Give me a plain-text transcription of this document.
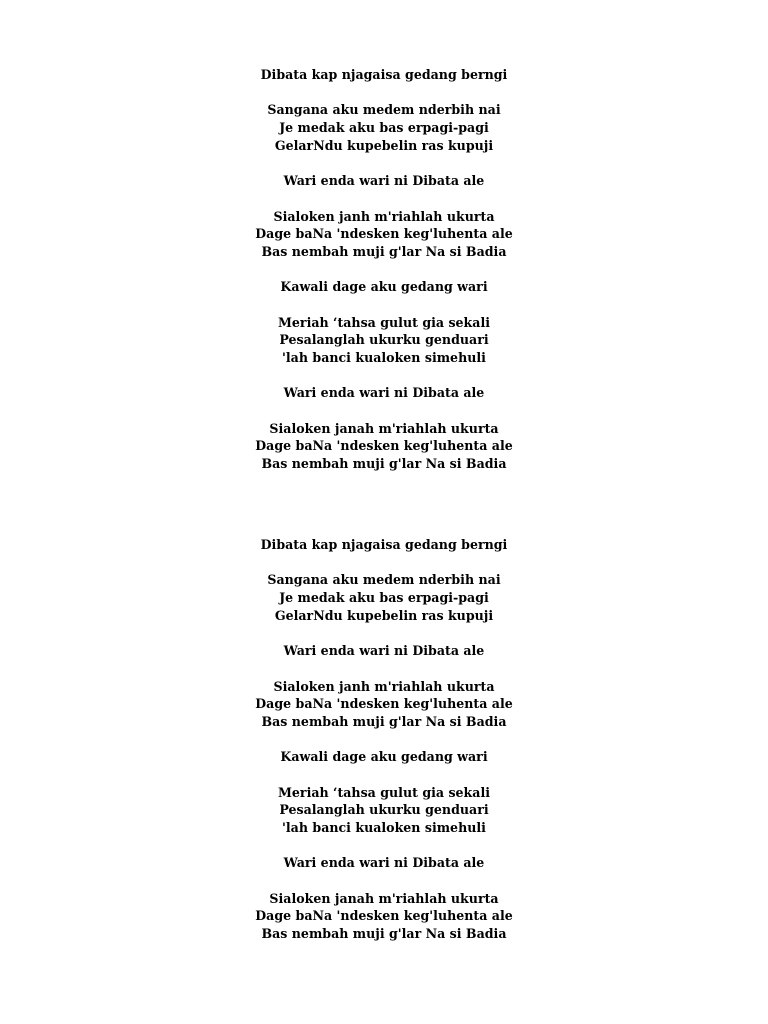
Dibata kap njagaisa gedang berngi
Sangana aku medem nderbih nai
Je medak aku bas erpagi-pagi
GelarNdu kupebelin ras kupuji
Wari enda wari ni Dibata ale
Sialoken janh m'riahlah ukurta
Dage baNa 'ndesken keg'luhenta ale
Bas nembah muji g'lar Na si Badia
Kawali dage aku gedang wari
Meriah ‘tahsa gulut gia sekali
Pesalanglah ukurku genduari
'lah banci kualoken simehuli
Wari enda wari ni Dibata ale
Sialoken janah m'riahlah ukurta
Dage baNa 'ndesken keg'luhenta ale
Bas nembah muji g'lar Na si Badia
Dibata kap njagaisa gedang berngi
Sangana aku medem nderbih nai
Je medak aku bas erpagi-pagi
GelarNdu kupebelin ras kupuji
Wari enda wari ni Dibata ale
Sialoken janh m'riahlah ukurta
Dage baNa 'ndesken keg'luhenta ale
Bas nembah muji g'lar Na si Badia
Kawali dage aku gedang wari
Meriah ‘tahsa gulut gia sekali
Pesalanglah ukurku genduari
'lah banci kualoken simehuli
Wari enda wari ni Dibata ale
Sialoken janah m'riahlah ukurta
Dage baNa 'ndesken keg'luhenta ale
Bas nembah muji g'lar Na si Badia
